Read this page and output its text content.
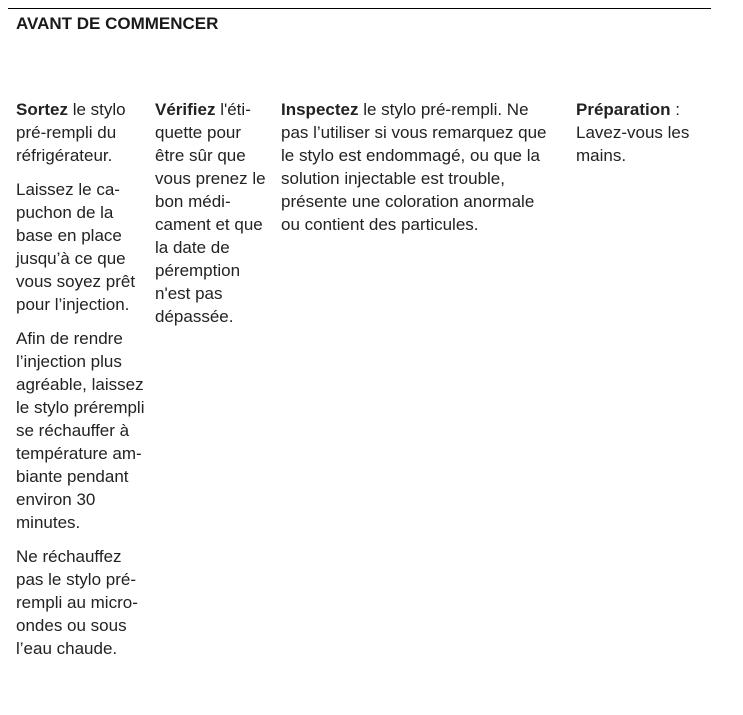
AVANT DE COMMENCER

Sortez le stylo pré-rempli du réfrigérateur.

Laissez le capuchon de la base en place jusqu’à ce que vous soyez prêt pour l’injection.

Afin de rendre l’injection plus agréable, laissez le stylo prérempli se réchauffer à température ambiante pendant environ 30 minutes.

Ne réchauffez pas le stylo prérempli au micro-ondes ou sous l’eau chaude.

Vérifiez l'étiquette pour être sûr que vous prenez le bon médicament et que la date de péremption n'est pas dépassée.

Inspectez le stylo pré-rempli. Ne pas l’utiliser si vous remarquez que le stylo est endommagé, ou que la solution injectable est trouble, présente une coloration anormale ou contient des particules.

Préparation : Lavez-vous les mains.
